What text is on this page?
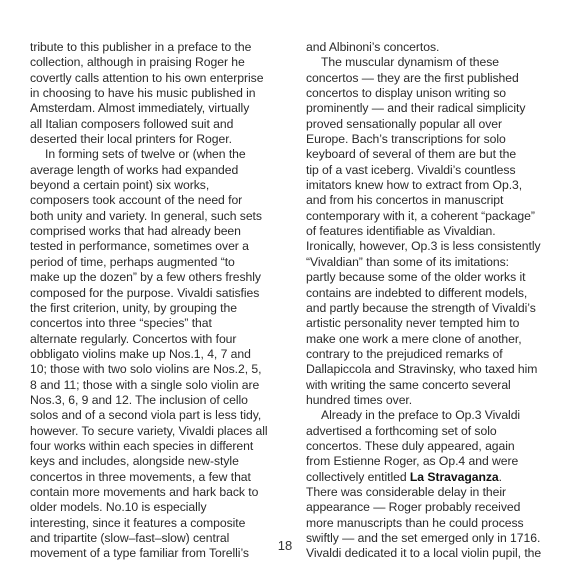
tribute to this publisher in a preface to the
collection, although in praising Roger he
covertly calls attention to his own enterprise
in choosing to have his music published in
Amsterdam. Almost immediately, virtually
all Italian composers followed suit and
deserted their local printers for Roger.

In forming sets of twelve or (when the
average length of works had expanded
beyond a certain point) six works,
composers took account of the need for
both unity and variety. In general, such sets
comprised works that had already been
tested in performance, sometimes over a
period of time, perhaps augmented “to
make up the dozen” by a few others freshly
composed for the purpose. Vivaldi satisfies
the first criterion, unity, by grouping the
concertos into three “species” that
alternate regularly. Concertos with four
obbligato violins make up Nos.1, 4, 7 and
10; those with two solo violins are Nos.2, 5,
8 and 11; those with a single solo violin are
Nos.3, 6, 9 and 12. The inclusion of cello
solos and of a second viola part is less tidy,
however. To secure variety, Vivaldi places all
four works within each species in different
keys and includes, alongside new-style
concertos in three movements, a few that
contain more movements and hark back to
older models. No.10 is especially
interesting, since it features a composite
and tripartite (slow–fast–slow) central
movement of a type familiar from Torelli’s

and Albinoni’s concertos.

The muscular dynamism of these
concertos — they are the first published
concertos to display unison writing so
prominently — and their radical simplicity
proved sensationally popular all over
Europe. Bach’s transcriptions for solo
keyboard of several of them are but the
tip of a vast iceberg. Vivaldi’s countless
imitators knew how to extract from Op.3,
and from his concertos in manuscript
contemporary with it, a coherent “package”
of features identifiable as Vivaldian.
Ironically, however, Op.3 is less consistently
“Vivaldian” than some of its imitations:
partly because some of the older works it
contains are indebted to different models,
and partly because the strength of Vivaldi’s
artistic personality never tempted him to
make one work a mere clone of another,
contrary to the prejudiced remarks of
Dallapiccola and Stravinsky, who taxed him
with writing the same concerto several
hundred times over.

Already in the preface to Op.3 Vivaldi
advertised a forthcoming set of solo
concertos. These duly appeared, again
from Estienne Roger, as Op.4 and were
collectively entitled La Stravaganza.
There was considerable delay in their
appearance — Roger probably received
more manuscripts than he could process
swiftly — and the set emerged only in 1716.
Vivaldi dedicated it to a local violin pupil, the

18
